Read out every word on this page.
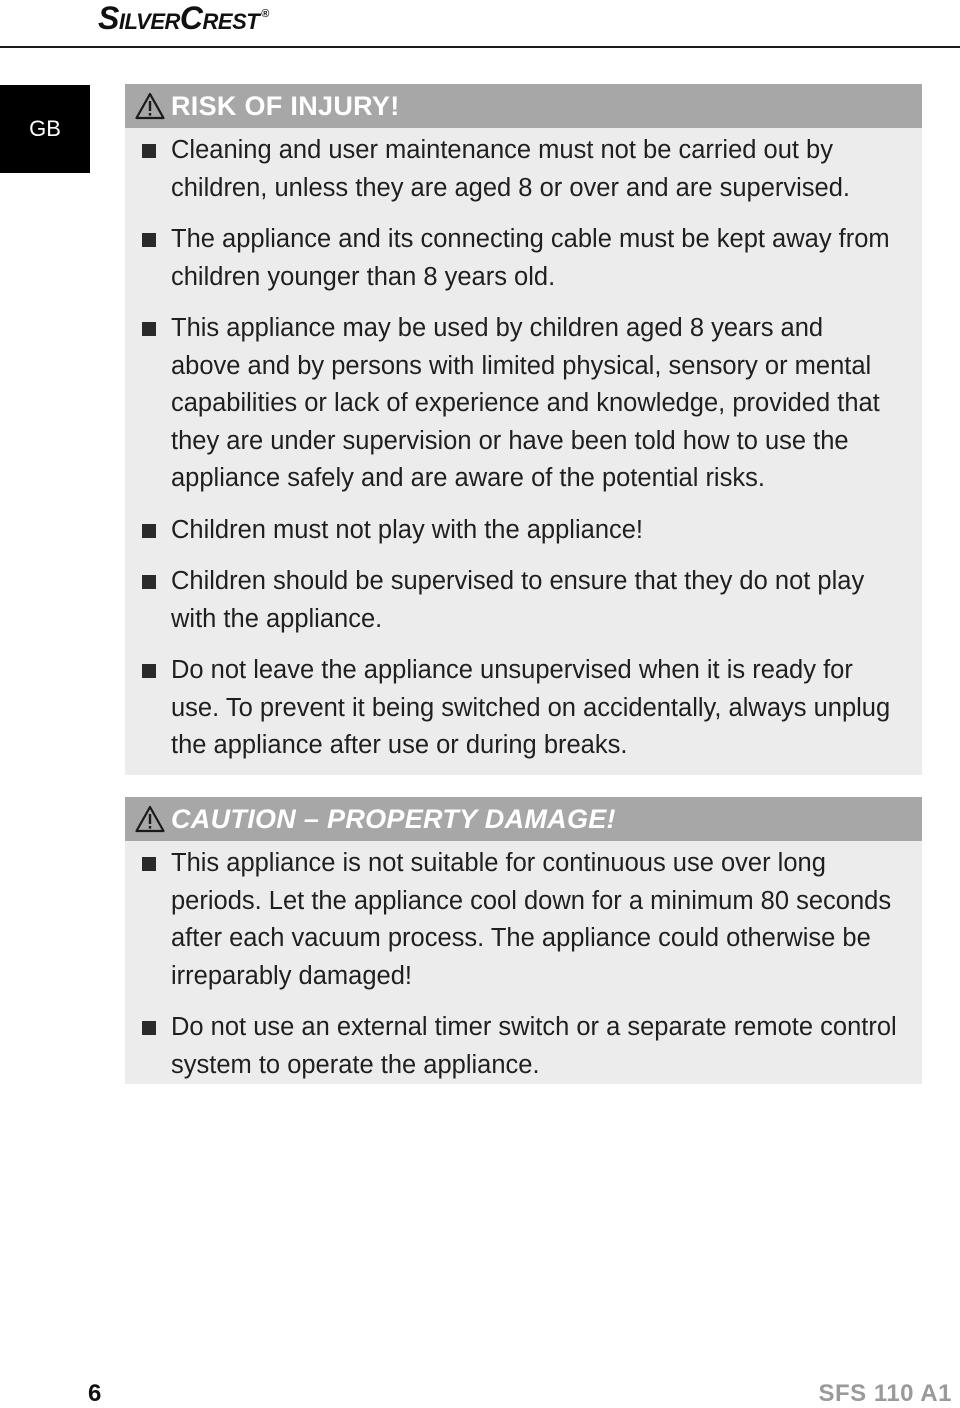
SilverCrest ®
GB
RISK OF INJURY!
Cleaning and user maintenance must not be carried out by children, unless they are aged 8 or over and are supervised.
The appliance and its connecting cable must be kept away from children younger than 8 years old.
This appliance may be used by children aged 8 years and above and by persons with limited physical, sensory or mental capabilities or lack of experience and knowledge, provided that they are under supervision or have been told how to use the appliance safely and are aware of the potential risks.
Children must not play with the appliance!
Children should be supervised to ensure that they do not play with the appliance.
Do not leave the appliance unsupervised when it is ready for use. To prevent it being switched on accidentally, always unplug the appliance after use or during breaks.
CAUTION – PROPERTY DAMAGE!
This appliance is not suitable for continuous use over long periods. Let the appliance cool down for a minimum 80 seconds after each vacuum process. The appliance could otherwise be irreparably damaged!
Do not use an external timer switch or a separate remote control system to operate the appliance.
6	SFS 110 A1
